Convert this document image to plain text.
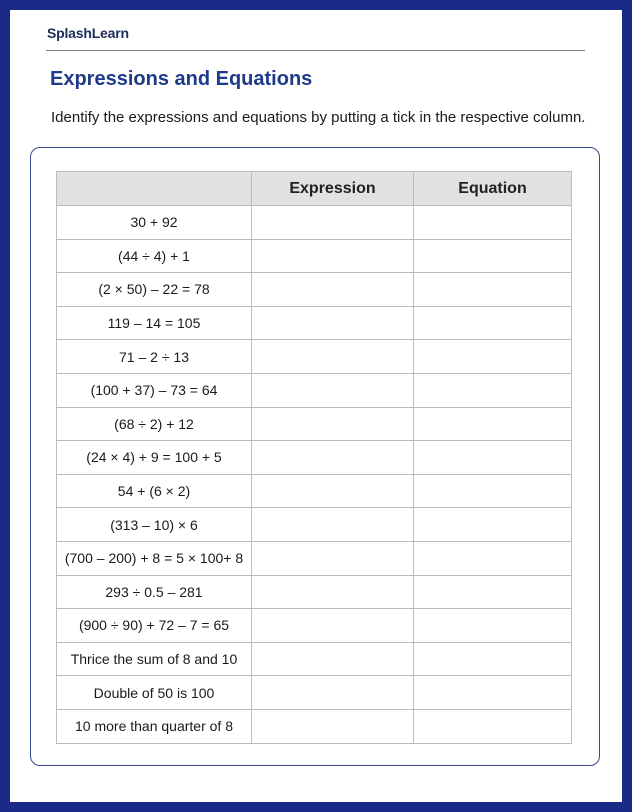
SplashLearn
Expressions and Equations

Identify the expressions and equations by putting a tick in the respective column.

	Expression	Equation
30 + 92		
(44 ÷ 4) + 1		
(2 × 50) – 22 = 78		
119 – 14 = 105		
71 – 2 ÷ 13		
(100 + 37) – 73 = 64		
(68 ÷ 2) + 12		
(24 × 4) + 9 = 100 + 5		
54 + (6 × 2)		
(313 – 10) × 6		
(700 – 200) + 8 = 5 × 100+ 8		
293 ÷ 0.5 – 281		
(900 ÷ 90) + 72 – 7 = 65		
Thrice the sum of 8 and 10		
Double of 50 is 100		
10 more than quarter of 8		
